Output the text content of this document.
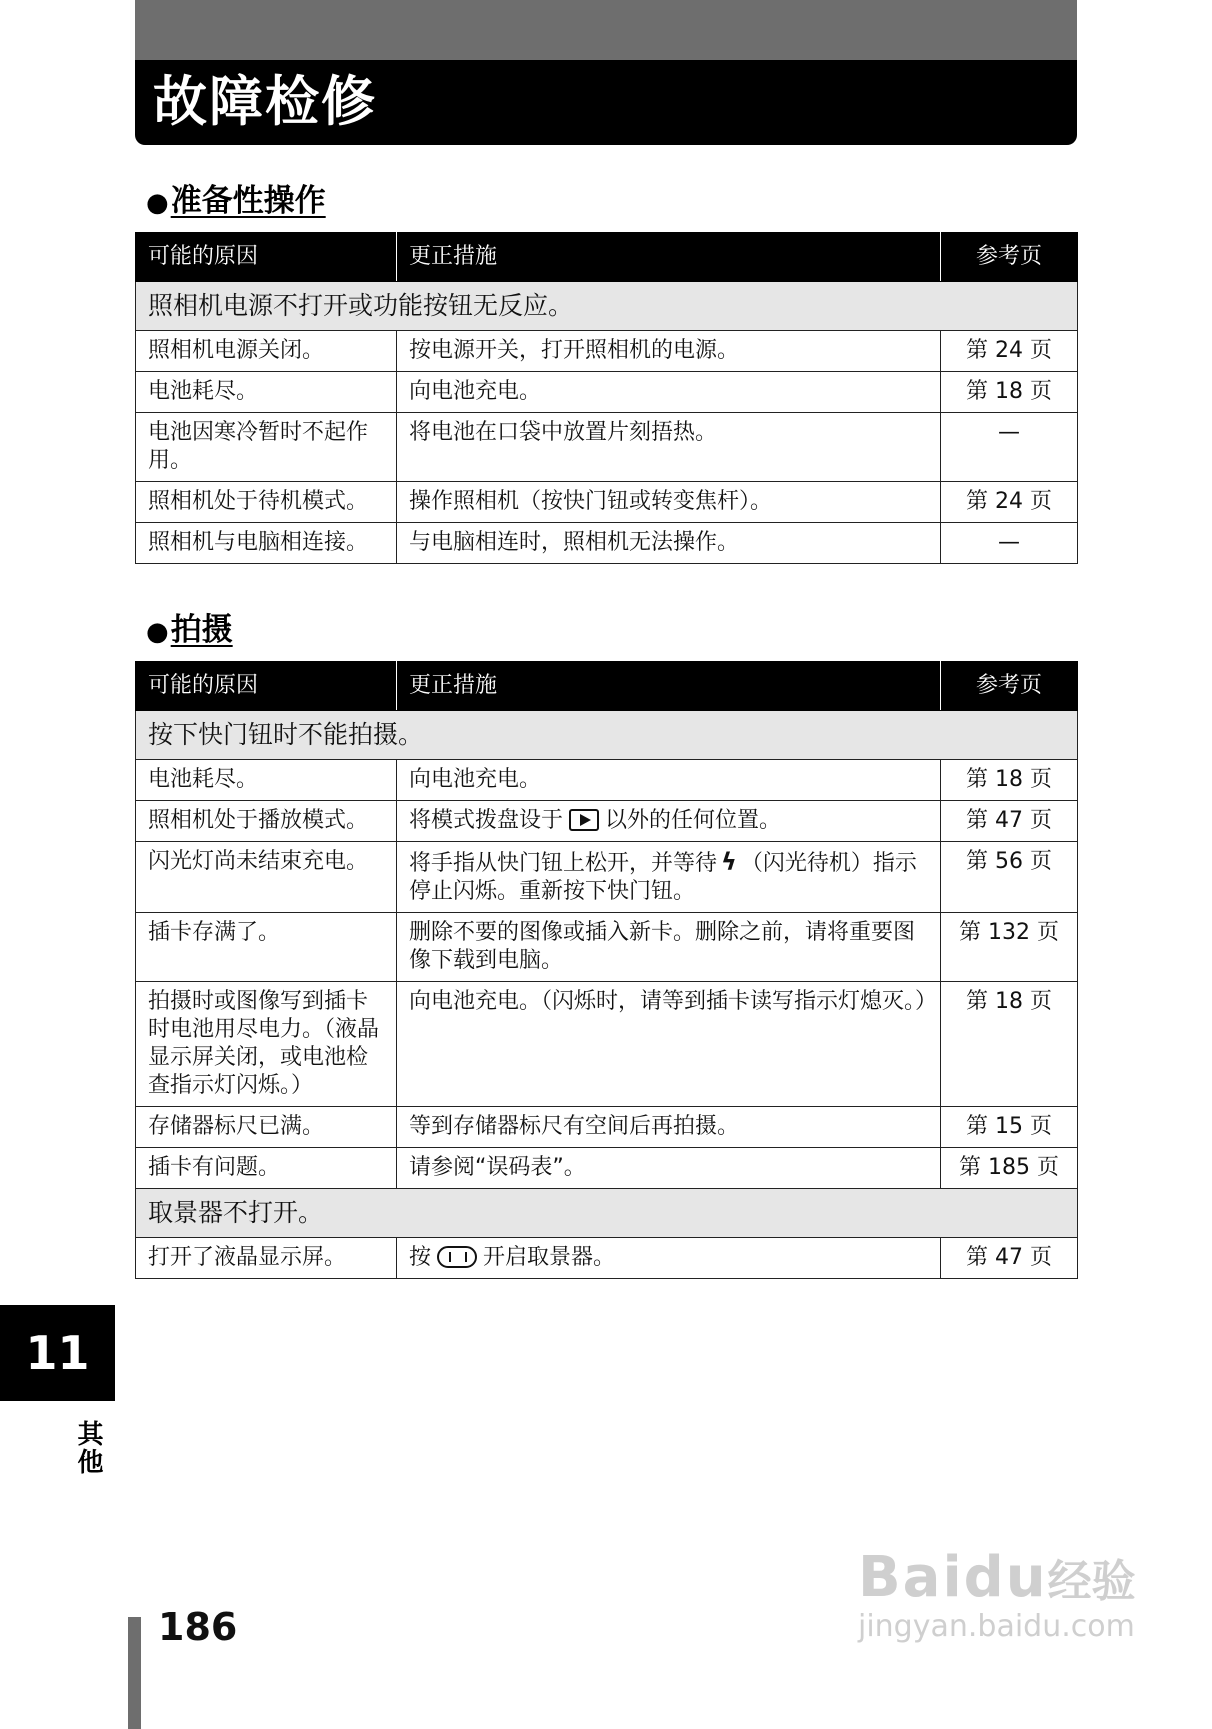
故障检修
●准备性操作
可能的原因	更正措施	参考页
照相机电源不打开或功能按钮无反应。		
照相机电源关闭。	按电源开关，打开照相机的电源。	第 24 页
电池耗尽。	向电池充电。	第 18 页
电池因寒冷暂时不起作用。	将电池在口袋中放置片刻捂热。	—
照相机处于待机模式。	操作照相机（按快门钮或转变焦杆）。	第 24 页
照相机与电脑相连接。	与电脑相连时，照相机无法操作。	—
●拍摄
可能的原因	更正措施	参考页
按下快门钮时不能拍摄。		
电池耗尽。	向电池充电。	第 18 页
照相机处于播放模式。	将模式拨盘设于 以外的任何位置。	第 47 页
闪光灯尚未结束充电。	将手指从快门钮上松开，并等待 ϟ （闪光待机）指示停止闪烁。重新按下快门钮。	第 56 页
插卡存满了。	删除不要的图像或插入新卡。删除之前，请将重要图像下载到电脑。	第 132 页
拍摄时或图像写到插卡时电池用尽电力。（液晶显示屏关闭，或电池检查指示灯闪烁。）	向电池充电。（闪烁时，请等到插卡读写指示灯熄灭。）	第 18 页
存储器标尺已满。	等到存储器标尺有空间后再拍摄。	第 15 页
插卡有问题。	请参阅“误码表”。	第 185 页
取景器不打开。		
打开了液晶显示屏。	按 开启取景器。	第 47 页
11
其他
186
Baidu经验
jingyan.baidu.com
